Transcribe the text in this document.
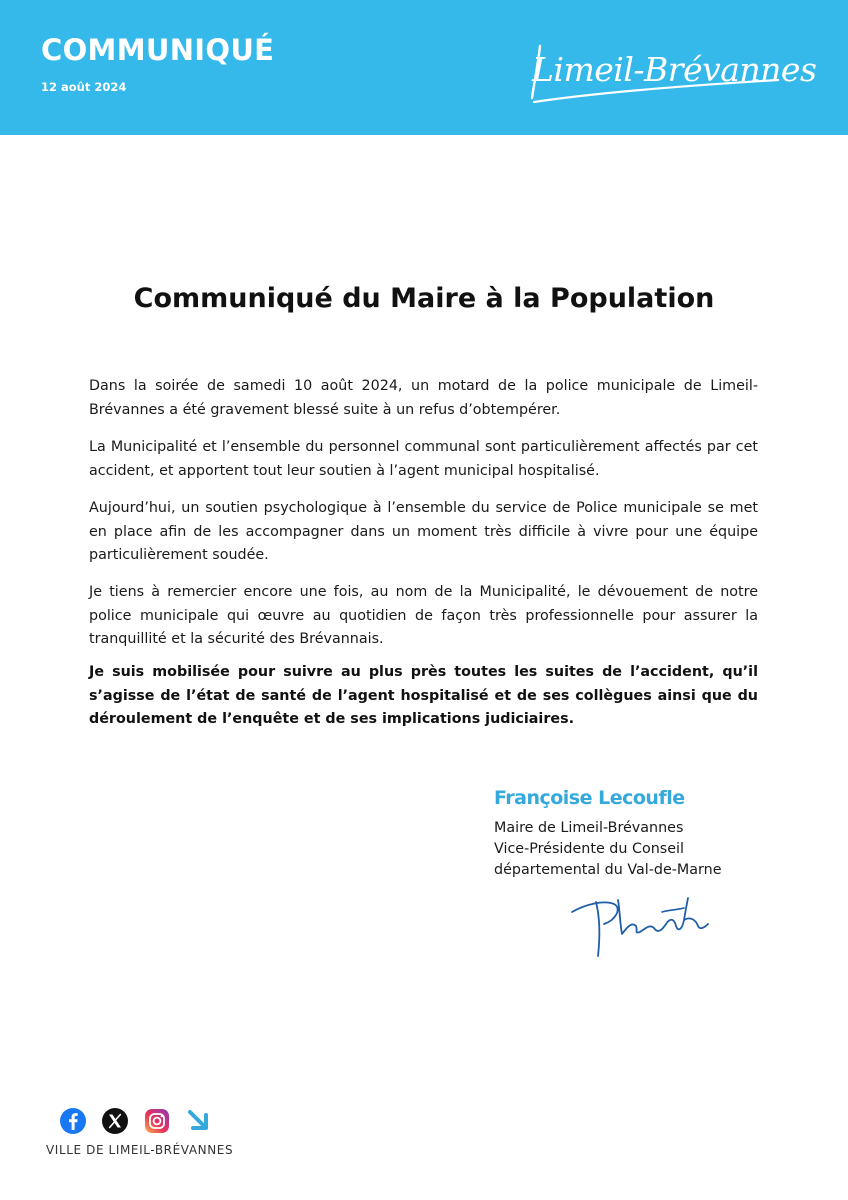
COMMUNIQUÉ
12 août 2024	Limeil-Brévannes
Communiqué du Maire à la Population

Dans la soirée de samedi 10 août 2024, un motard de la police municipale de Limeil-Brévannes a été gravement blessé suite à un refus d’obtempérer.

La Municipalité et l’ensemble du personnel communal sont particulièrement affectés par cet accident, et apportent tout leur soutien à l’agent municipal hospitalisé.

Aujourd’hui, un soutien psychologique à l’ensemble du service de Police municipale se met en place afin de les accompagner dans un moment très difficile à vivre pour une équipe particulièrement soudée.

Je tiens à remercier encore une fois, au nom de la Municipalité, le dévouement de notre police municipale qui œuvre au quotidien de façon très professionnelle pour assurer la tranquillité et la sécurité des Brévannais.

Je suis mobilisée pour suivre au plus près toutes les suites de l’accident, qu’il s’agisse de l’état de santé de l’agent hospitalisé et de ses collègues ainsi que du déroulement de l’enquête et de ses implications judiciaires.

Françoise Lecoufle
Maire de Limeil-Brévannes
Vice-Présidente du Conseil
départemental du Val-de-Marne
VILLE DE LIMEIL-BRÉVANNES
